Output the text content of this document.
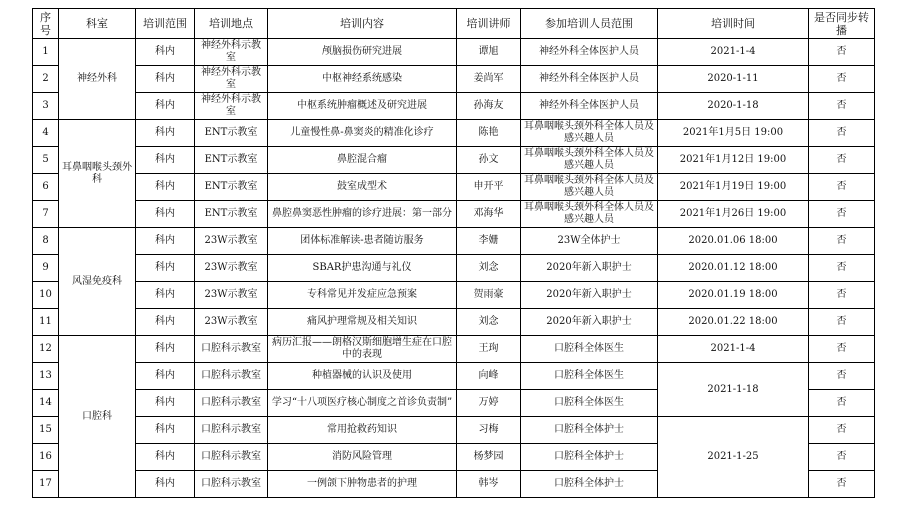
序号	科室	培训范围	培训地点	培训内容	培训讲师	参加培训人员范围	培训时间	是否同步转播
1	神经外科	科内	神经外科示教室	颅脑损伤研究进展	谭旭	神经外科全体医护人员	2021-1-4	否
2		科内	神经外科示教室	中枢神经系统感染	姜尚军	神经外科全体医护人员	2020-1-11	否
3		科内	神经外科示教室	中枢系统肿瘤概述及研究进展	孙海友	神经外科全体医护人员	2020-1-18	否
4	耳鼻咽喉头颈外科	科内	ENT示教室	儿童慢性鼻-鼻窦炎的精准化诊疗	陈艳	耳鼻咽喉头颈外科全体人员及感兴趣人员	2021年1月5日 19:00	否
5		科内	ENT示教室	鼻腔混合瘤	孙文	耳鼻咽喉头颈外科全体人员及感兴趣人员	2021年1月12日 19:00	否
6		科内	ENT示教室	鼓室成型术	申开平	耳鼻咽喉头颈外科全体人员及感兴趣人员	2021年1月19日 19:00	否
7		科内	ENT示教室	鼻腔鼻窦恶性肿瘤的诊疗进展：第一部分	邓海华	耳鼻咽喉头颈外科全体人员及感兴趣人员	2021年1月26日 19:00	否
8	风湿免疫科	科内	23W示教室	团体标准解读-患者随访服务	李姗	23W全体护士	2020.01.06 18:00	否
9		科内	23W示教室	SBAR护患沟通与礼仪	刘念	2020年新入职护士	2020.01.12 18:00	否
10		科内	23W示教室	专科常见并发症应急预案	贺雨豪	2020年新入职护士	2020.01.19 18:00	否
11		科内	23W示教室	痛风护理常规及相关知识	刘念	2020年新入职护士	2020.01.22 18:00	否
12	口腔科	科内	口腔科示教室	病历汇报——朗格汉斯细胞增生症在口腔中的表现	王珣	口腔科全体医生	2021-1-4	否
13		科内	口腔科示教室	种植器械的认识及使用	向峰	口腔科全体医生	2021-1-18	否
14		科内	口腔科示教室	学习“十八项医疗核心制度之首诊负责制”	万婷	口腔科全体医生		否
15		科内	口腔科示教室	常用抢救药知识	习梅	口腔科全体护士	2021-1-25	否
16		科内	口腔科示教室	消防风险管理	杨梦园	口腔科全体护士		否
17		科内	口腔科示教室	一例颌下肿物患者的护理	韩岑	口腔科全体护士		否
